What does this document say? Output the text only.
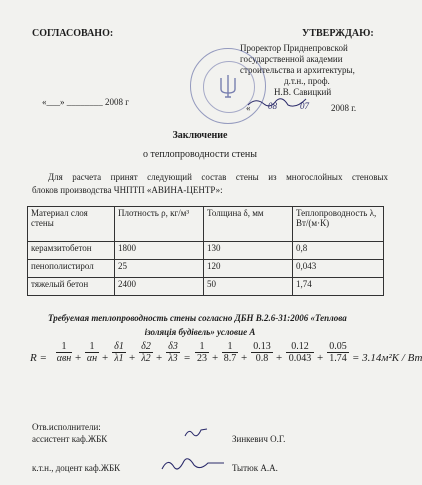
СОГЛАСОВАНО:	УТВЕРЖДАЮ:
Проректор Приднепровской
государственной академии
строительства и архитектуры,
д.т.н., проф.
Н.В. Савицкий
«___» ________ 2008 г
« 08	07 2008 г.
Заключение
о теплопроводности стены
Для расчета принят следующий состав стены из многослойных стеновых
блоков производства ЧНПТП «АВИНА-ЦЕНТР»:
Материал слоя стены	Плотность ρ, кг/м³	Толщина δ, мм	Теплопроводность λ, Вт/(м·К)
керамзитобетон	1800	130	0,8
пенополистирол	25	120	0,043
тяжелый бетон	2400	50	1,74
Требуемая теплопроводность стены согласно ДБН В.2.6-31:2006 «Теплова
ізоляція будівель» условие А
R =
1
αвн +
1
$\alpha н + \frac{\delta 1}{\lambda 1} + \frac{\delta 2}{\lambda 2} + \frac{\delta 3}{\lambda 3} = \frac{1}{23} + \frac{1}{8.7} + \frac{0.13}{0.8} + \frac{0.12}{0.043} + \frac{0.05}{1.74} = 3.14м^2К$ / Вт
Отв.исполнители:
ассистент каф.ЖБК	Зинкевич О.Г.
к.т.н., доцент каф.ЖБК	Тытюк А.А.
